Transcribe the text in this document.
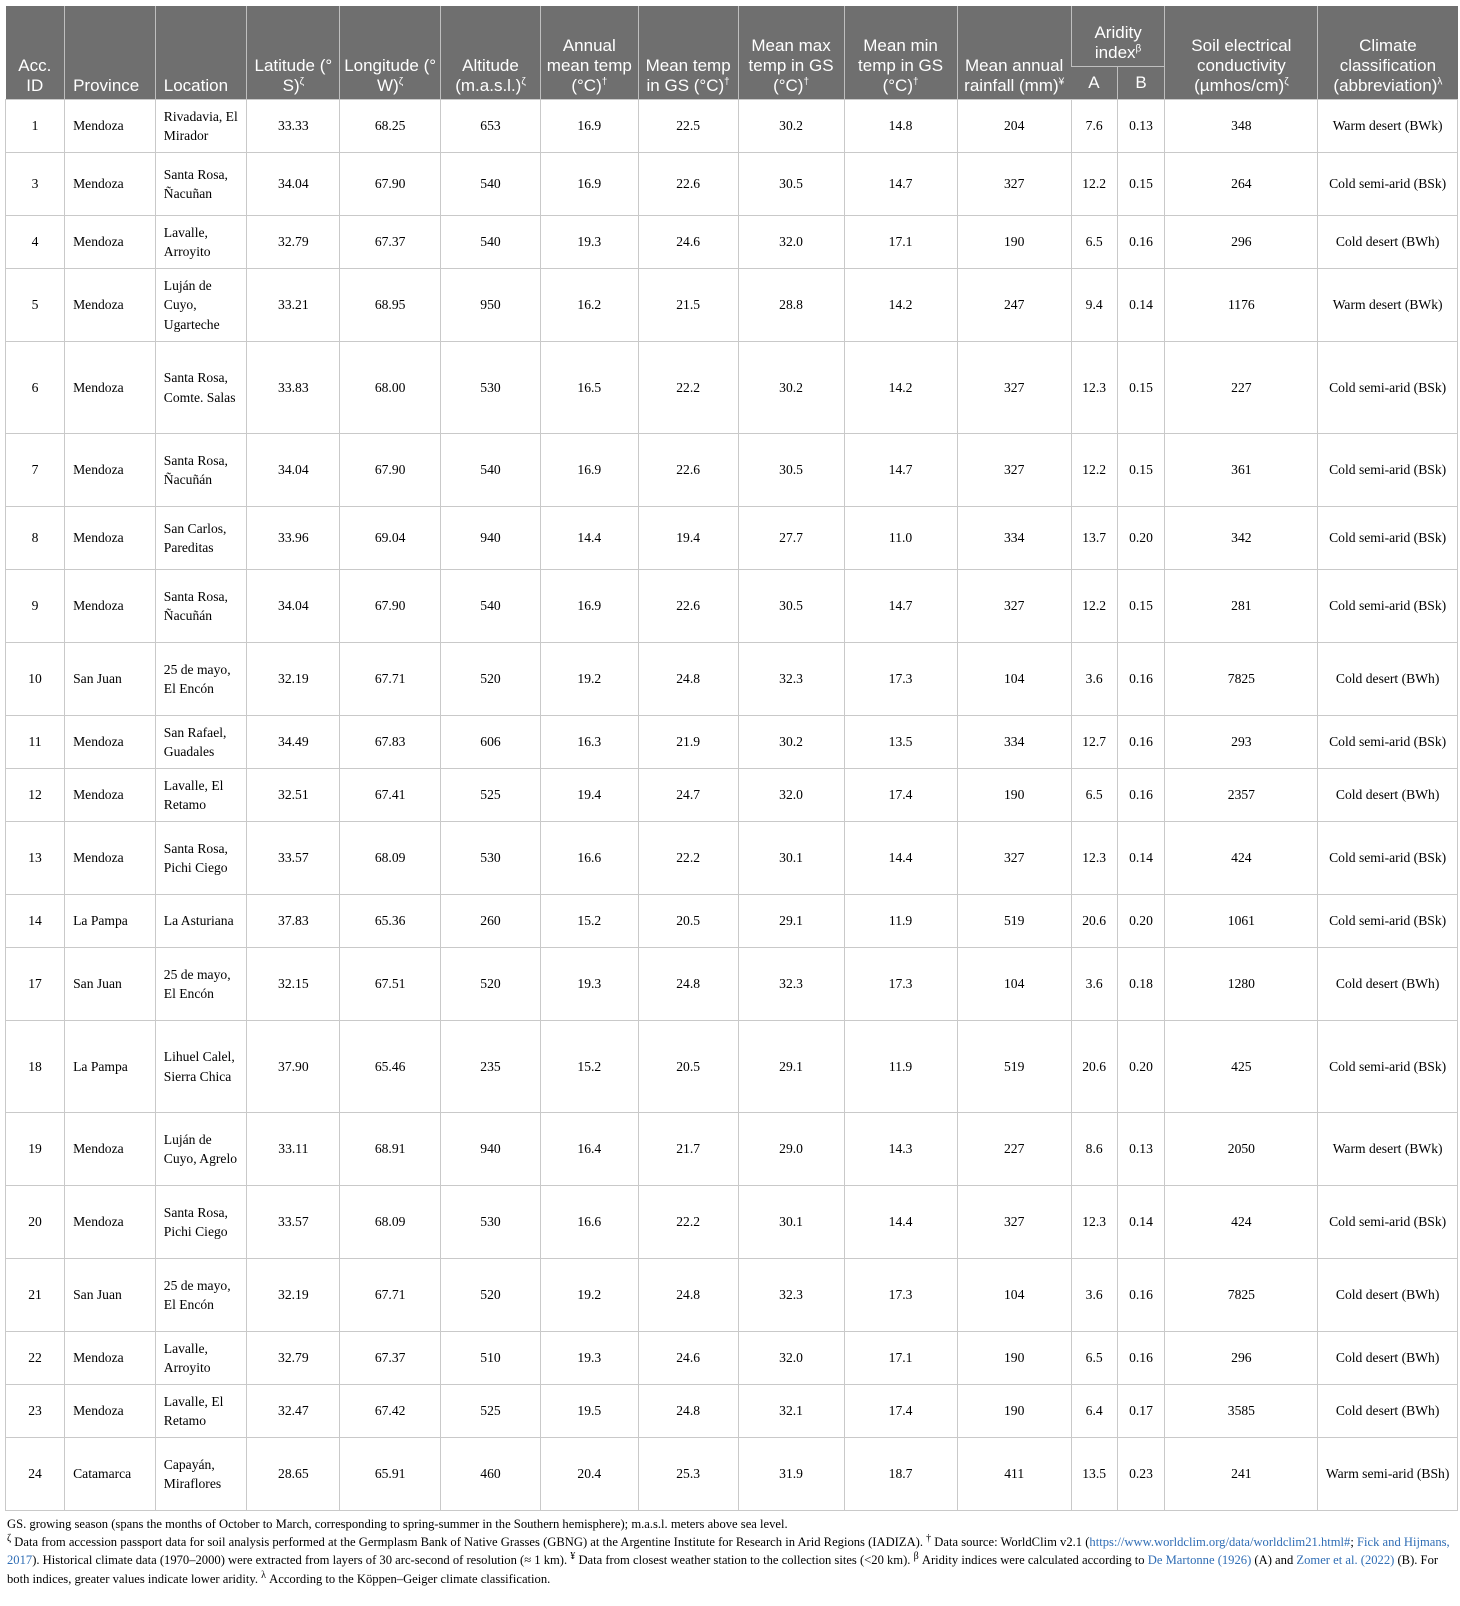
Acc. ID	Province	Location	Latitude (° S)$^\zeta$	Longitude (° W)$^\zeta$	Altitude $(m.a.s.l.)^\zeta$	Annual mean temp (°C)†	Mean temp in GS (°C)†	Mean max temp in GS (°C)†	Mean min temp in GS (°C)†	Mean annual rainfall (mm)¥	Aridity index$^\beta$		Soil electrical conductivity (µmhos/cm)$^\zeta$	Climate classification (abbreviation)$^\lambda$
											A	B		
1	Mendoza	Rivadavia, El Mirador	33.33	68.25	653	16.9	22.5	30.2	14.8	204	7.6	0.13	348	Warm desert (BWk)
3	Mendoza	Santa Rosa, Ñacuñan	34.04	67.90	540	16.9	22.6	30.5	14.7	327	12.2	0.15	264	Cold semi-arid (BSk)
4	Mendoza	Lavalle, Arroyito	32.79	67.37	540	19.3	24.6	32.0	17.1	190	6.5	0.16	296	Cold desert (BWh)
5	Mendoza	Luján de Cuyo, Ugarteche	33.21	68.95	950	16.2	21.5	28.8	14.2	247	9.4	0.14	1176	Warm desert (BWk)
6	Mendoza	Santa Rosa, Comte. Salas	33.83	68.00	530	16.5	22.2	30.2	14.2	327	12.3	0.15	227	Cold semi-arid (BSk)
7	Mendoza	Santa Rosa, Ñacuñán	34.04	67.90	540	16.9	22.6	30.5	14.7	327	12.2	0.15	361	Cold semi-arid (BSk)
8	Mendoza	San Carlos, Pareditas	33.96	69.04	940	14.4	19.4	27.7	11.0	334	13.7	0.20	342	Cold semi-arid (BSk)
9	Mendoza	Santa Rosa, Ñacuñán	34.04	67.90	540	16.9	22.6	30.5	14.7	327	12.2	0.15	281	Cold semi-arid (BSk)
10	San Juan	25 de mayo, El Encón	32.19	67.71	520	19.2	24.8	32.3	17.3	104	3.6	0.16	7825	Cold desert (BWh)
11	Mendoza	San Rafael, Guadales	34.49	67.83	606	16.3	21.9	30.2	13.5	334	12.7	0.16	293	Cold semi-arid (BSk)
12	Mendoza	Lavalle, El Retamo	32.51	67.41	525	19.4	24.7	32.0	17.4	190	6.5	0.16	2357	Cold desert (BWh)
13	Mendoza	Santa Rosa, Pichi Ciego	33.57	68.09	530	16.6	22.2	30.1	14.4	327	12.3	0.14	424	Cold semi-arid (BSk)
14	La Pampa	La Asturiana	37.83	65.36	260	15.2	20.5	29.1	11.9	519	20.6	0.20	1061	Cold semi-arid (BSk)
17	San Juan	25 de mayo, El Encón	32.15	67.51	520	19.3	24.8	32.3	17.3	104	3.6	0.18	1280	Cold desert (BWh)
18	La Pampa	Lihuel Calel, Sierra Chica	37.90	65.46	235	15.2	20.5	29.1	11.9	519	20.6	0.20	425	Cold semi-arid (BSk)
19	Mendoza	Luján de Cuyo, Agrelo	33.11	68.91	940	16.4	21.7	29.0	14.3	227	8.6	0.13	2050	Warm desert (BWk)
20	Mendoza	Santa Rosa, Pichi Ciego	33.57	68.09	530	16.6	22.2	30.1	14.4	327	12.3	0.14	424	Cold semi-arid (BSk)
21	San Juan	25 de mayo, El Encón	32.19	67.71	520	19.2	24.8	32.3	17.3	104	3.6	0.16	7825	Cold desert (BWh)
22	Mendoza	Lavalle, Arroyito	32.79	67.37	510	19.3	24.6	32.0	17.1	190	6.5	0.16	296	Cold desert (BWh)
23	Mendoza	Lavalle, El Retamo	32.47	67.42	525	19.5	24.8	32.1	17.4	190	6.4	0.17	3585	Cold desert (BWh)
24	Catamarca	Capayán, Miraflores	28.65	65.91	460	20.4	25.3	31.9	18.7	411	13.5	0.23	241	Warm semi-arid (BSh)

GS. growing season (spans the months of October to March, corresponding to spring-summer in the Southern hemisphere); m.a.s.l. meters above sea level.

$^\zeta$ Data from accession passport data for soil analysis performed at the Germplasm Bank of Native Grasses (GBNG) at the Argentine Institute for Research in Arid Regions (IADIZA). † Data source: WorldClim v2.1 (https://www.worldclim.org/data/worldclim21.html#; Fick and Hijmans, 2017). Historical climate data (1970–2000) were extracted from layers of 30 arc-second of resolution (≈ 1 km). ¥ Data from closest weather station to the collection sites (<20 km). $^\beta$ Aridity indices were calculated according to De Martonne (1926) (A) and Zomer et al. (2022) (B). For both indices, greater values indicate lower aridity. $^\lambda$ According to the Köppen–Geiger climate classification.
